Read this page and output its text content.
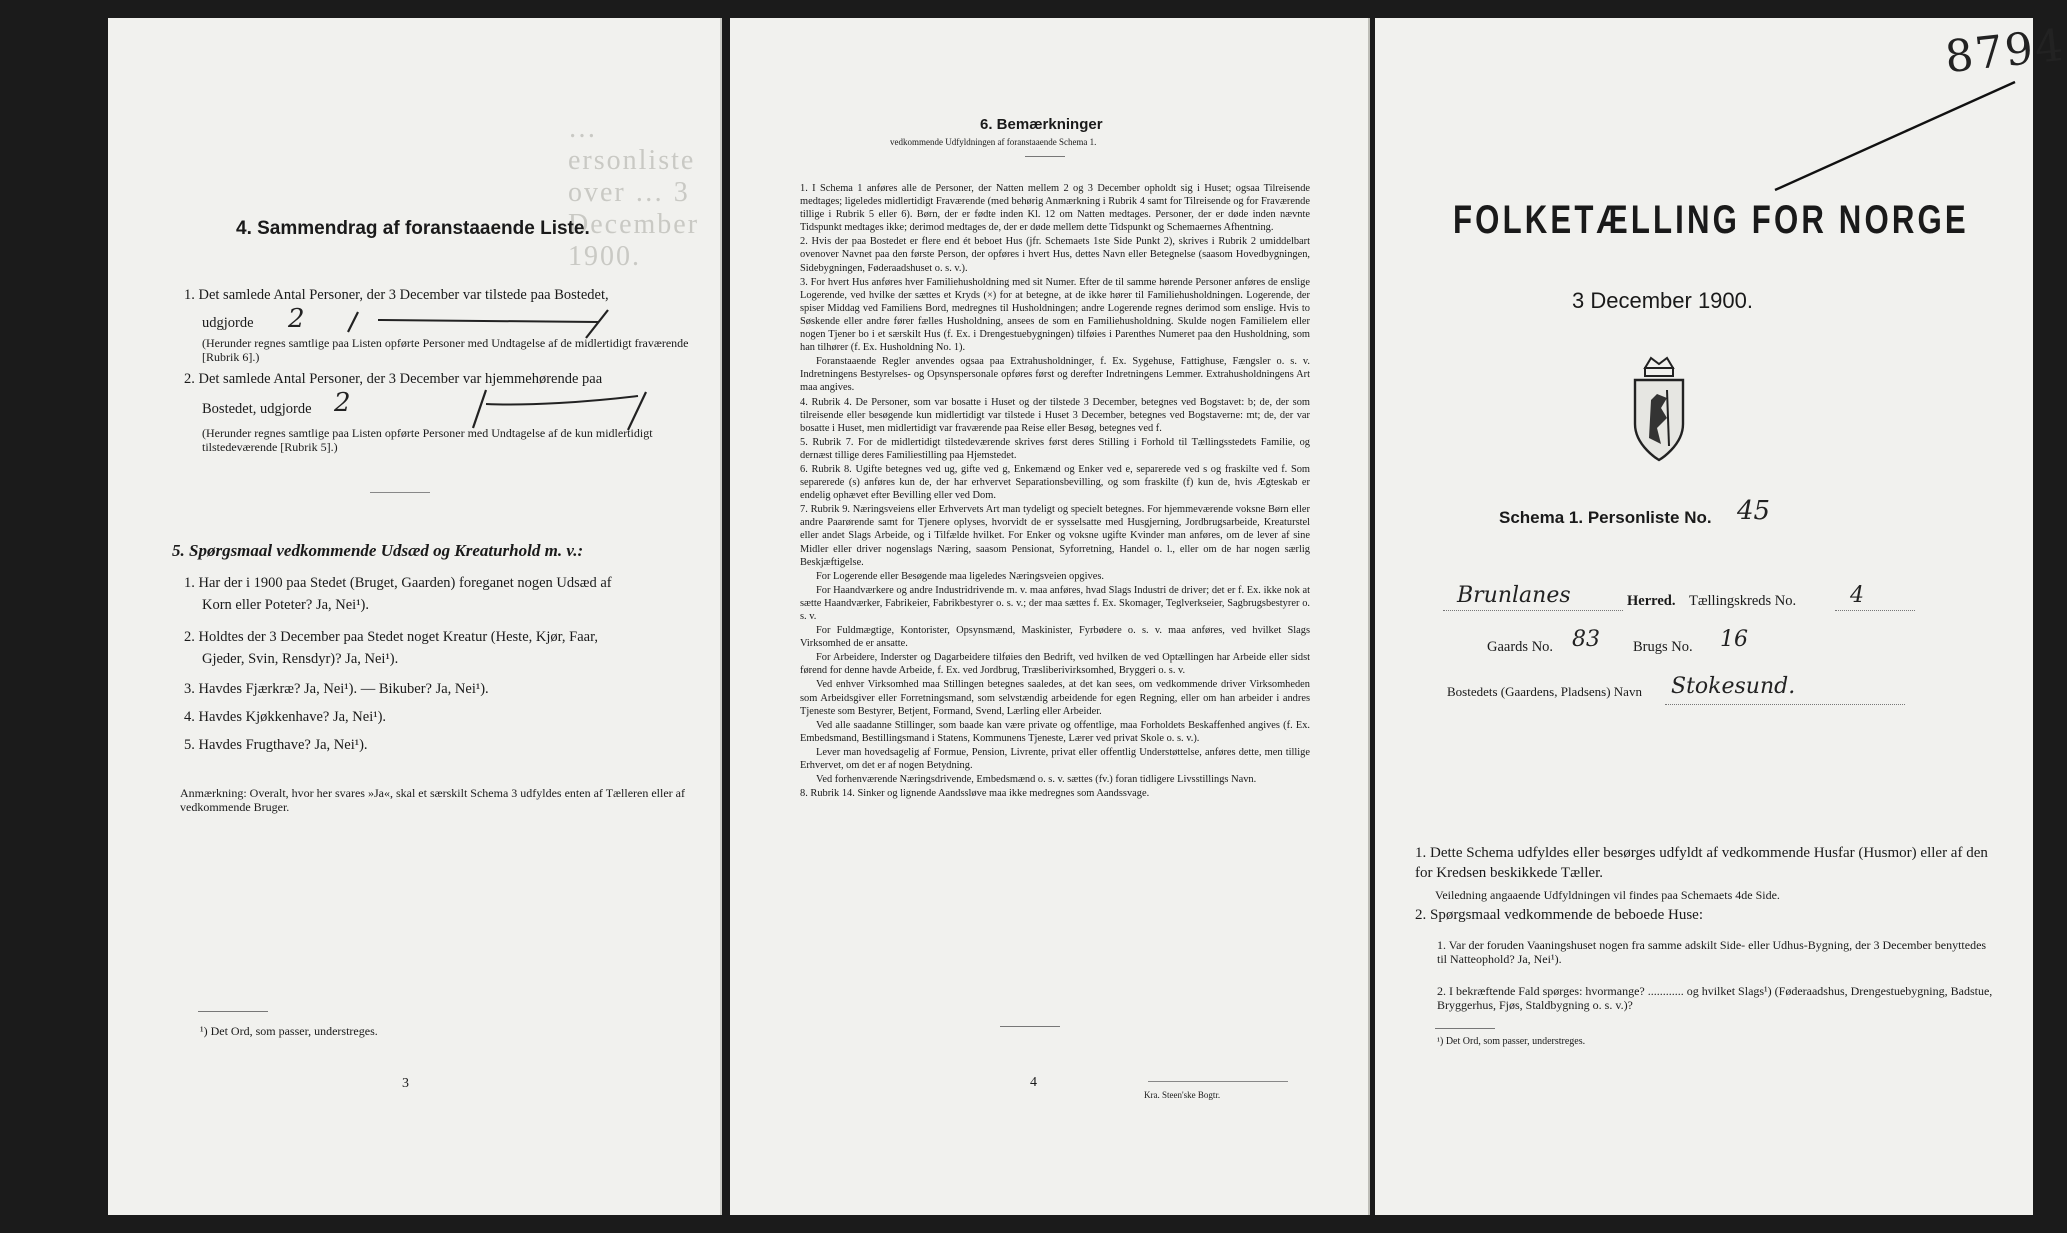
…ersonliste over … 3 December 1900.
4. Sammendrag af foranstaaende Liste.
1. Det samlede Antal Personer, der 3 December var tilstede paa Bostedet,
udgjorde 2
(Herunder regnes samtlige paa Listen opførte Personer med Undtagelse af de midlertidigt fraværende [Rubrik 6].)
2. Det samlede Antal Personer, der 3 December var hjemmehørende paa
Bostedet, udgjorde 2
(Herunder regnes samtlige paa Listen opførte Personer med Undtagelse af de kun midlertidigt tilstedeværende [Rubrik 5].)
5. Spørgsmaal vedkommende Udsæd og Kreaturhold m. v.:
1. Har der i 1900 paa Stedet (Bruget, Gaarden) foreganet nogen Udsæd af
Korn eller Poteter? Ja, Nei¹).
2. Holdtes der 3 December paa Stedet noget Kreatur (Heste, Kjør, Faar,
Gjeder, Svin, Rensdyr)? Ja, Nei¹).
3. Havdes Fjærkræ? Ja, Nei¹). — Bikuber? Ja, Nei¹).
4. Havdes Kjøkkenhave? Ja, Nei¹).
5. Havdes Frugthave? Ja, Nei¹).
Anmærkning: Overalt, hvor her svares »Ja«, skal et særskilt Schema 3 udfyldes enten af Tælleren eller af vedkommende Bruger.
¹) Det Ord, som passer, understreges.
3
6. Bemærkninger
vedkommende Udfyldningen af foranstaaende Schema 1.

1. I Schema 1 anføres alle de Personer, der Natten mellem 2 og 3 December opholdt sig i Huset; ogsaa Tilreisende medtages; ligeledes midlertidigt Fraværende (med behørig Anmærkning i Rubrik 4 samt for Tilreisende og for Fraværende tillige i Rubrik 5 eller 6). Børn, der er fødte inden Kl. 12 om Natten medtages. Personer, der er døde inden nævnte Tidspunkt medtages ikke; derimod medtages de, der er døde mellem dette Tidspunkt og Schemaernes Afhentning.

2. Hvis der paa Bostedet er flere end ét beboet Hus (jfr. Schemaets 1ste Side Punkt 2), skrives i Rubrik 2 umiddelbart ovenover Navnet paa den første Person, der opføres i hvert Hus, dettes Navn eller Betegnelse (saasom Hovedbygningen, Sidebygningen, Føderaadshuset o. s. v.).

3. For hvert Hus anføres hver Familiehusholdning med sit Numer. Efter de til samme hørende Personer anføres de enslige Logerende, ved hvilke der sættes et Kryds (×) for at betegne, at de ikke hører til Familiehusholdningen. Logerende, der spiser Middag ved Familiens Bord, medregnes til Husholdningen; andre Logerende regnes derimod som enslige. Hvis to Søskende eller andre fører fælles Husholdning, ansees de som en Familiehusholdning. Skulde nogen Familielem eller nogen Tjener bo i et særskilt Hus (f. Ex. i Drengestuebygningen) tilføies i Parenthes Numeret paa den Husholdning, som han tilhører (f. Ex. Husholdning No. 1).

Foranstaaende Regler anvendes ogsaa paa Extrahusholdninger, f. Ex. Sygehuse, Fattighuse, Fængsler o. s. v. Indretningens Bestyrelses- og Opsynspersonale opføres først og derefter Indretningens Lemmer. Extrahusholdningens Art maa angives.

4. Rubrik 4. De Personer, som var bosatte i Huset og der tilstede 3 December, betegnes ved Bogstavet: b; de, der som tilreisende eller besøgende kun midlertidigt var tilstede i Huset 3 December, betegnes ved Bogstaverne: mt; de, der var bosatte i Huset, men midlertidigt var fraværende paa Reise eller Besøg, betegnes ved f.

5. Rubrik 7. For de midlertidigt tilstedeværende skrives først deres Stilling i Forhold til Tællingsstedets Familie, og dernæst tillige deres Familiestilling paa Hjemstedet.

6. Rubrik 8. Ugifte betegnes ved ug, gifte ved g, Enkemænd og Enker ved e, separerede ved s og fraskilte ved f. Som separerede (s) anføres kun de, der har erhvervet Separationsbevilling, og som fraskilte (f) kun de, hvis Ægteskab er endelig ophævet efter Bevilling eller ved Dom.

7. Rubrik 9. Næringsveiens eller Erhvervets Art man tydeligt og specielt betegnes. For hjemmeværende voksne Børn eller andre Paarørende samt for Tjenere oplyses, hvorvidt de er sysselsatte med Husgjerning, Jordbrugsarbeide, Kreaturstel eller andet Slags Arbeide, og i Tilfælde hvilket. For Enker og voksne ugifte Kvinder man anføres, om de lever af sine Midler eller driver nogenslags Næring, saasom Pensionat, Syforretning, Handel o. l., eller om de har nogen særlig Beskjæftigelse.

For Logerende eller Besøgende maa ligeledes Næringsveien opgives.

For Haandværkere og andre Industridrivende m. v. maa anføres, hvad Slags Industri de driver; det er f. Ex. ikke nok at sætte Haandværker, Fabrikeier, Fabrikbestyrer o. s. v.; der maa sættes f. Ex. Skomager, Teglverkseier, Sagbrugsbestyrer o. s. v.

For Fuldmægtige, Kontorister, Opsynsmænd, Maskinister, Fyrbødere o. s. v. maa anføres, ved hvilket Slags Virksomhed de er ansatte.

For Arbeidere, Inderster og Dagarbeidere tilføies den Bedrift, ved hvilken de ved Optællingen har Arbeide eller sidst førend for denne havde Arbeide, f. Ex. ved Jordbrug, Træsliberivirksomhed, Bryggeri o. s. v.

Ved enhver Virksomhed maa Stillingen betegnes saaledes, at det kan sees, om vedkommende driver Virksomheden som Arbeidsgiver eller Forretningsmand, som selvstændig arbeidende for egen Regning, eller om han arbeider i andres Tjeneste som Bestyrer, Betjent, Formand, Svend, Lærling eller Arbeider.

Ved alle saadanne Stillinger, som baade kan være private og offentlige, maa Forholdets Beskaffenhed angives (f. Ex. Embedsmand, Bestillingsmand i Statens, Kommunens Tjeneste, Lærer ved privat Skole o. s. v.).

Lever man hovedsagelig af Formue, Pension, Livrente, privat eller offentlig Understøttelse, anføres dette, men tillige Erhvervet, om det er af nogen Betydning.

Ved forhenværende Næringsdrivende, Embedsmænd o. s. v. sættes (fv.) foran tidligere Livsstillings Navn.

8. Rubrik 14. Sinker og lignende Aandssløve maa ikke medregnes som Aandssvage.

4
Kra. Steen'ske Bogtr.
8794
FOLKETÆLLING FOR NORGE
3 December 1900.
Schema 1. Personliste No. 45
Brunlanes	Herred. Tællingskreds No. 4
Gaards No. 83 Brugs No. 16
Bostedets (Gaardens, Pladsens) Navn Stokesund.
1. Dette Schema udfyldes eller besørges udfyldt af vedkommende Husfar (Husmor) eller af den for Kredsen beskikkede Tæller.
Veiledning angaaende Udfyldningen vil findes paa Schemaets 4de Side.
2. Spørgsmaal vedkommende de beboede Huse:
1. Var der foruden Vaaningshuset nogen fra samme adskilt Side- eller Udhus-Bygning, der 3 December benyttedes til Natteophold? Ja, Nei¹).
2. I bekræftende Fald spørges: hvormange? ............ og hvilket Slags¹) (Føderaadshus, Drengestuebygning, Badstue, Bryggerhus, Fjøs, Staldbygning o. s. v.)?
¹) Det Ord, som passer, understreges.
